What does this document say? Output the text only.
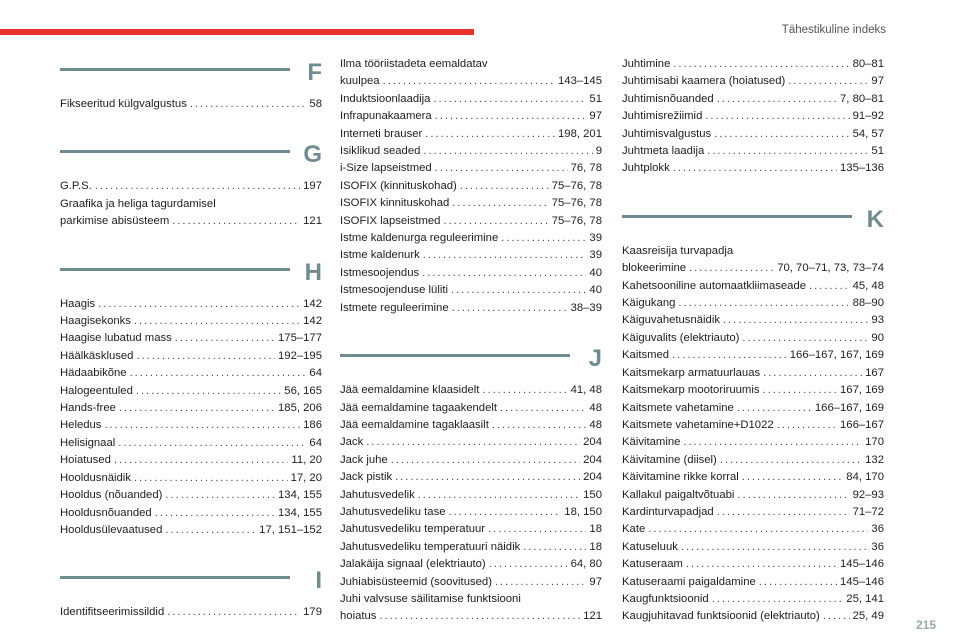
Tähestikuline indeks
F
Fikseeritud külgvalgustus . . .	58
G
G.P.S. . . .	197
Graafika ja heliga tagurdamisel
parkimise abisüsteem . . .	121
H
Haagis . . .	142
Haagisekonks . . .	142
Haagise lubatud mass . . .	175–177
Häälkäsklused . . .	192–195
Hädaabikõne . . .	64
Halogeentuled . . .	56, 165
Hands-free . . .	185, 206
Heledus . . .	186
Helisignaal . . .	64
Hoiatused . . .	11, 20
Hooldusnäidik . . .	17, 20
Hooldus (nõuanded) . . .	134, 155
Hooldusnõuanded . . .	134, 155
Hooldusülevaatused . . .	17, 151–152
I
Identifitseerimissildid . . .	179
Ilma tööriistadeta eemaldatav
kuulpea . . .	143–145
Induktsioonlaadija . . .	51
Infrapunakaamera . . .	97
Interneti brauser . . .	198, 201
Isiklikud seaded . . .	9
i-Size lapseistmed . . .	76, 78
ISOFIX (kinnituskohad) . . .	75–76, 78
ISOFIX kinnituskohad . . .	75–76, 78
ISOFIX lapseistmed . . .	75–76, 78
Istme kaldenurga reguleerimine . . .	39
Istme kaldenurk . . .	39
Istmesoojendus . . .	40
Istmesoojenduse lüliti . . .	40
Istmete reguleerimine . . .	38–39
J
Jää eemaldamine klaasidelt . . .	41, 48
Jää eemaldamine tagaakendelt . . .	48
Jää eemaldamine tagaklaasilt . . .	48
Jack . . .	204
Jack juhe . . .	204
Jack pistik . . .	204
Jahutusvedelik . . .	150
Jahutusvedeliku tase . . .	18, 150
Jahutusvedeliku temperatuur . . .	18
Jahutusvedeliku temperatuuri näidik . . .	18
Jalakäija signaal (elektriauto) . . .	64, 80
Juhiabisüsteemid (soovitused) . . .	97
Juhi valvsuse säilitamise funktsiooni
hoiatus . . .	121
Juhtimine . . .	80–81
Juhtimisabi kaamera (hoiatused) . . .	97
Juhtimisnõuanded . . .	7, 80–81
Juhtimisrežiimid . . .	91–92
Juhtimisvalgustus . . .	54, 57
Juhtmeta laadija . . .	51
Juhtplokk . . .	135–136
K
Kaasreisija turvapadja
blokeerimine . . .	70, 70–71, 73, 73–74
Kahetsooniline automaatkliimaseade . . .	45, 48
Käigukang . . .	88–90
Käiguvahetusnäidik . . .	93
Käiguvalits (elektriauto) . . .	90
Kaitsmed . . .	166–167, 167, 169
Kaitsmekarp armatuurlauas . . .	167
Kaitsmekarp mootoriruumis . . .	167, 169
Kaitsmete vahetamine . . .	166–167, 169
Kaitsmete vahetamine+D1022 . . .	166–167
Käivitamine . . .	170
Käivitamine (diisel) . . .	132
Käivitamine rikke korral . . .	84, 170
Kallakul paigaltvõtuabi . . .	92–93
Kardinturvapadjad . . .	71–72
Kate . . .	36
Katuseluuk . . .	36
Katuseraam . . .	145–146
Katuseraami paigaldamine . . .	145–146
Kaugfunktsioonid . . .	25, 141
Kaugjuhitavad funktsioonid (elektriauto) . . .	25, 49
215
